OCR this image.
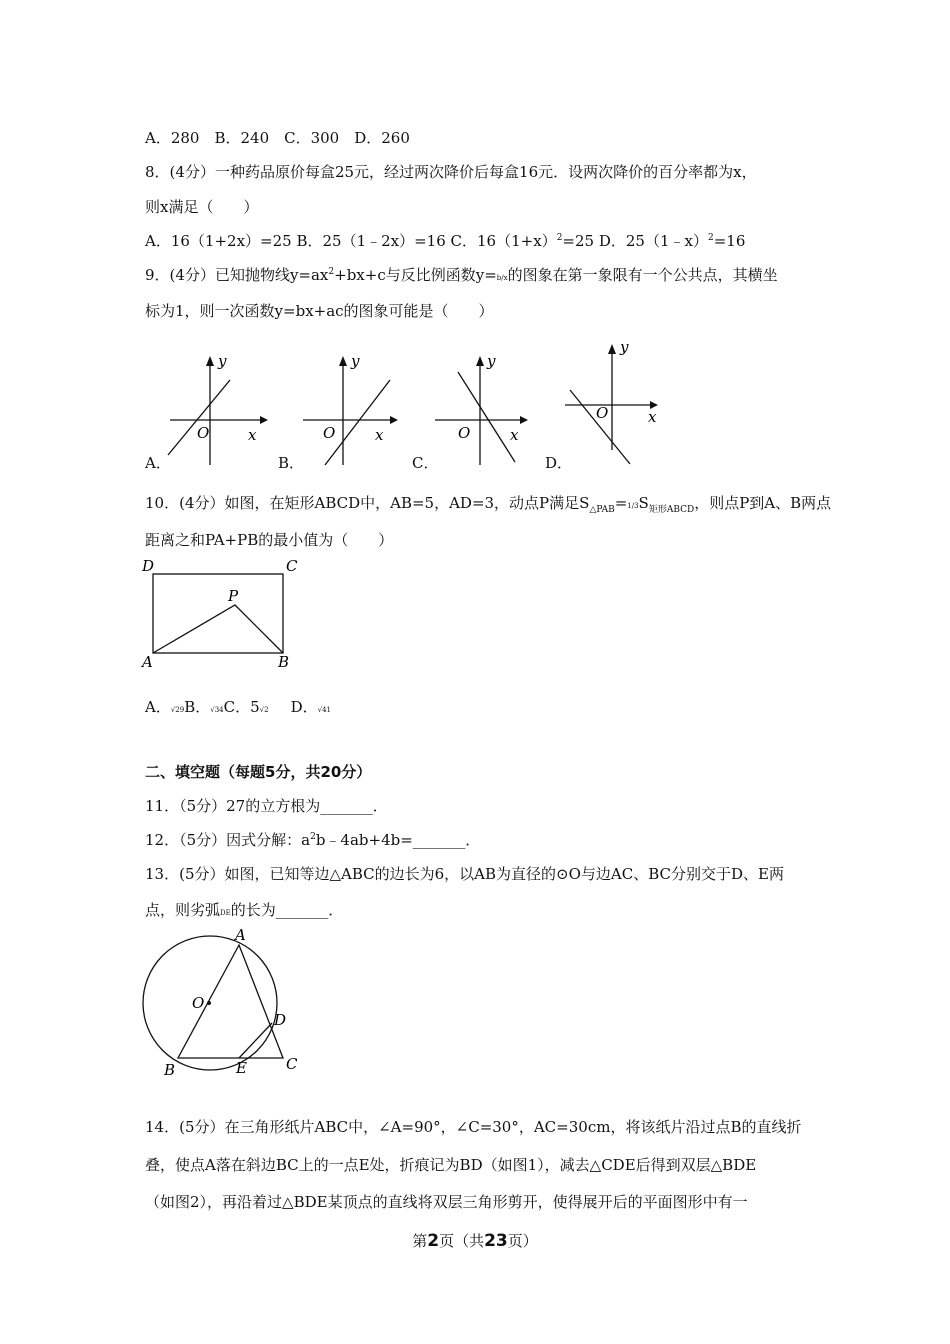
A．280　B．240　C．300　D．260
8．(4分）一种药品原价每盒25元，经过两次降价后每盒16元．设两次降价的百分率都为x，
则x满足（　　）
A．16（1+2x）=25 B．25（1﹣2x）=16 C．$16(1+x)^2=25$ D．25（1﹣x）$^2$=16
9．(4分）已知抛物线$y=ax^2+bx+c$与反比例函数y=b/x的图象在第一象限有一个公共点，其横坐
标为1，则一次函数y=bx+ac的图象可能是（　　）
O	x
y
O	x
y
O	x
y
O	x
y
A．	B．	C．	D．
10．(4分）如图，在矩形ABCD中，AB=5，AD=3，动点P满足$S_{\triangle PAB}=1/3S_{矩形ABCD}$，则点P到A、B两点
距离之和PA+PB的最小值为（　　）
D	C
P
A	B
A．√29B．√34C．5√2 D．√41
二、填空题（每题5分，共20分）
11．（5分）27的立方根为_______．
12．（5分）因式分解：$a^2b﹣4ab+4b=\_\_\_\_\_\_\_$．
13．(5分）如图，已知等边△ABC的边长为6，以AB为直径的⊙O与边AC、BC分别交于D、E两
点，则劣弧DE的长为_______．
A
O
D
B	E	C
14．(5分）在三角形纸片ABC中，∠A=90°，∠C=30°，AC=30cm，将该纸片沿过点B的直线折
叠，使点A落在斜边BC上的一点E处，折痕记为BD（如图1），减去△CDE后得到双层△BDE
（如图2），再沿着过△BDE某顶点的直线将双层三角形剪开，使得展开后的平面图形中有一
第2页（共23页）
